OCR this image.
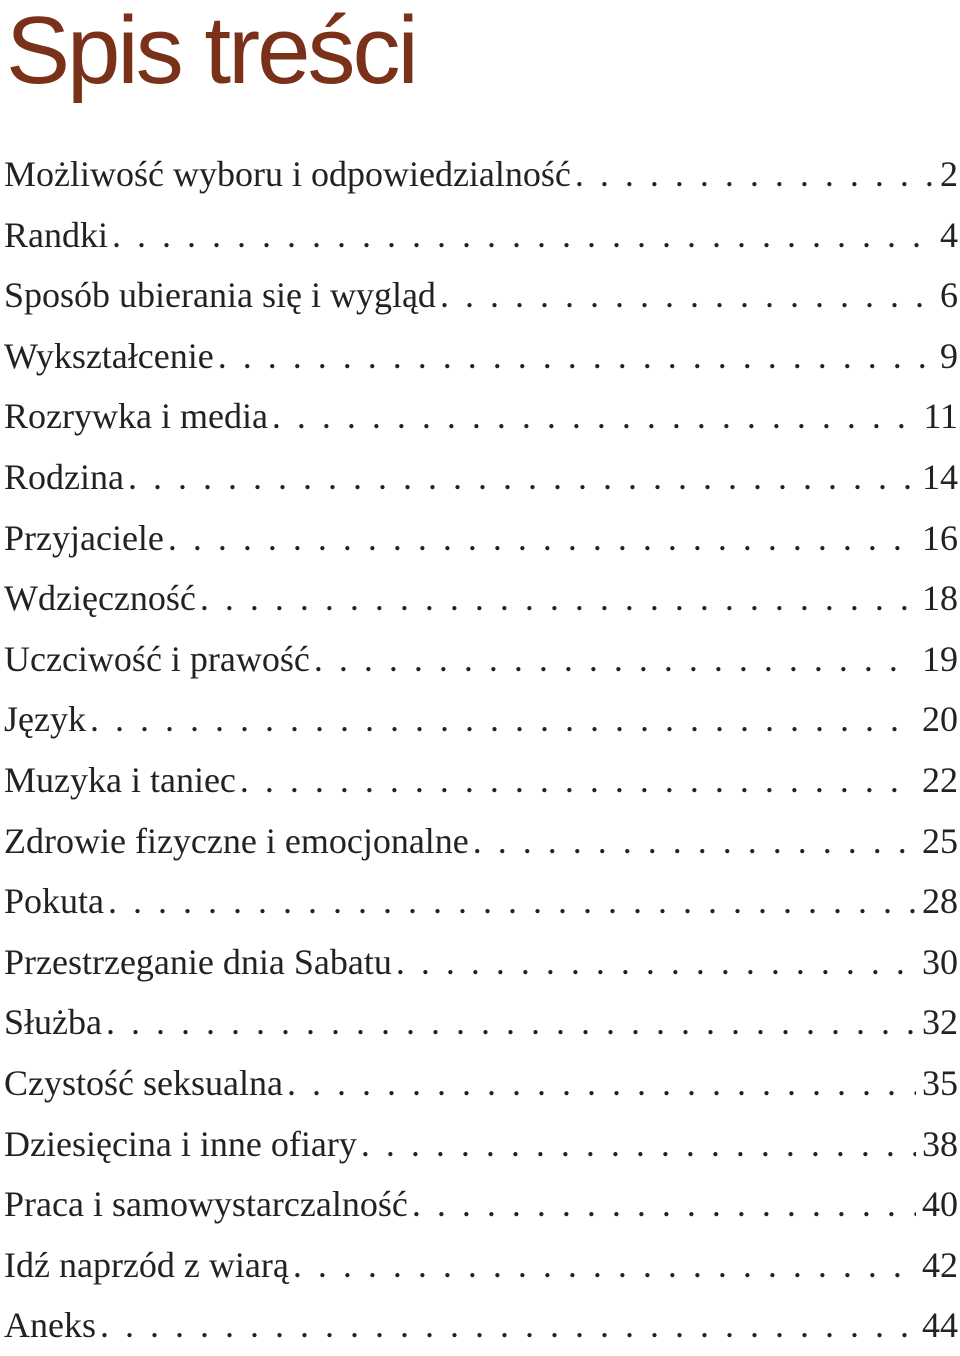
Spis treści
Możliwość wyboru i odpowiedzialność . . .	2
Randki . . .	4
Sposób ubierania się i wygląd . . .	6
Wykształcenie . . .	9
Rozrywka i media . . .	11
Rodzina . . .	14
Przyjaciele . . .	16
Wdzięczność . . .	18
Uczciwość i prawość . . .	19
Język . . .	20
Muzyka i taniec . . .	22
Zdrowie fizyczne i emocjonalne . . .	25
Pokuta . . .	28
Przestrzeganie dnia Sabatu . . .	30
Służba . . .	32
Czystość seksualna . . .	35
Dziesięcina i inne ofiary . . .	38
Praca i samowystarczalność . . .	40
Idź naprzód z wiarą . . .	42
Aneks . . .	44
